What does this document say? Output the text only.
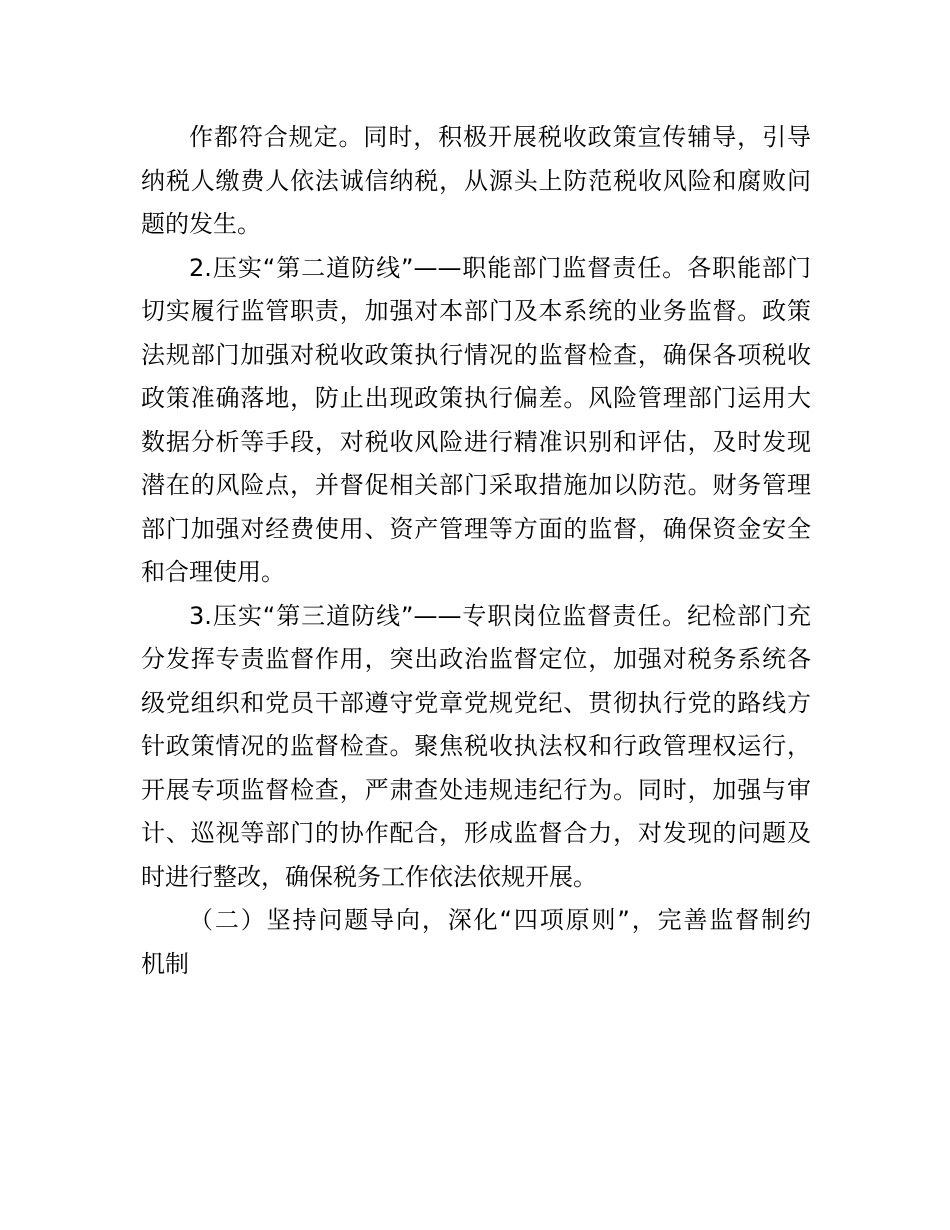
作都符合规定。同时，积极开展税收政策宣传辅导，引导
纳税人缴费人依法诚信纳税，从源头上防范税收风险和腐败问
题的发生。
2.压实“第二道防线”——职能部门监督责任。各职能部门
切实履行监管职责，加强对本部门及本系统的业务监督。政策
法规部门加强对税收政策执行情况的监督检查，确保各项税收
政策准确落地，防止出现政策执行偏差。风险管理部门运用大
数据分析等手段，对税收风险进行精准识别和评估，及时发现
潜在的风险点，并督促相关部门采取措施加以防范。财务管理
部门加强对经费使用、资产管理等方面的监督，确保资金安全
和合理使用。
3.压实“第三道防线”——专职岗位监督责任。纪检部门充
分发挥专责监督作用，突出政治监督定位，加强对税务系统各
级党组织和党员干部遵守党章党规党纪、贯彻执行党的路线方
针政策情况的监督检查。聚焦税收执法权和行政管理权运行，
开展专项监督检查，严肃查处违规违纪行为。同时，加强与审
计、巡视等部门的协作配合，形成监督合力，对发现的问题及
时进行整改，确保税务工作依法依规开展。
（二）坚持问题导向，深化“四项原则”，完善监督制约
机制
